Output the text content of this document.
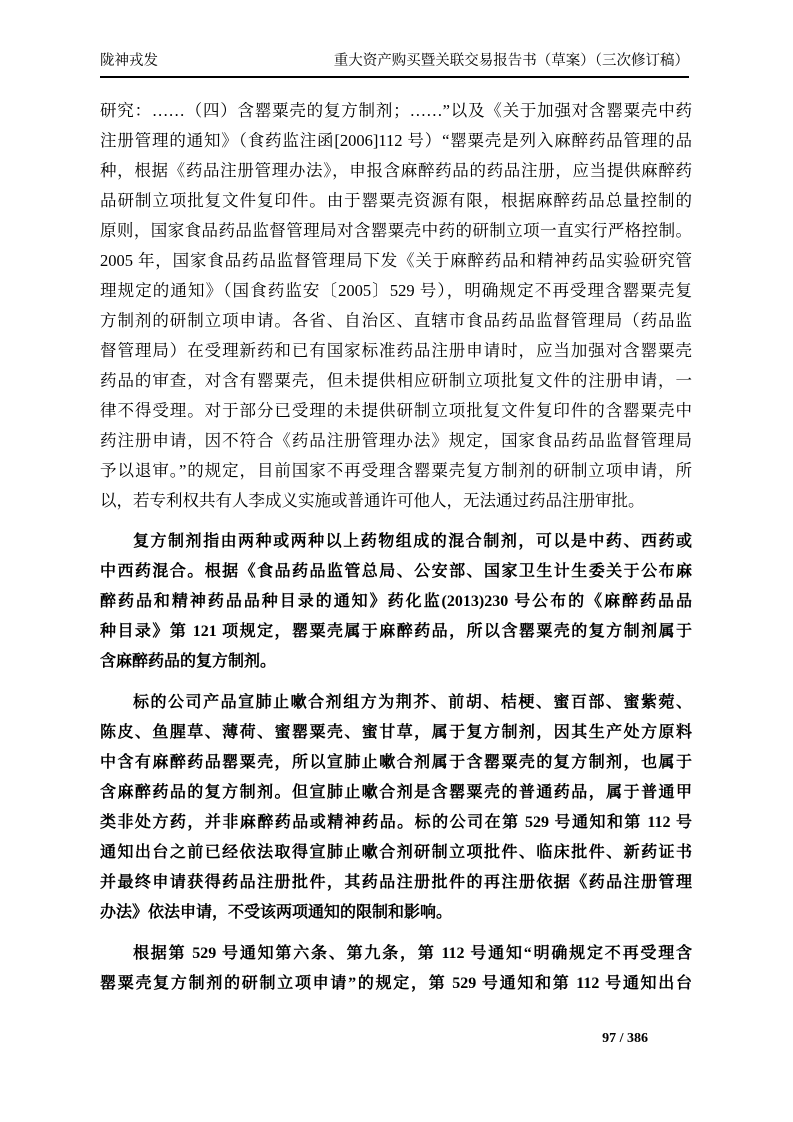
陇神戎发	重大资产购买暨关联交易报告书（草案）（三次修订稿）
研究：……（四）含罂粟壳的复方制剂；……”以及《关于加强对含罂粟壳中药
注册管理的通知》（食药监注函[2006]112 号）“罂粟壳是列入麻醉药品管理的品
种，根据《药品注册管理办法》，申报含麻醉药品的药品注册，应当提供麻醉药
品研制立项批复文件复印件。由于罂粟壳资源有限，根据麻醉药品总量控制的
原则，国家食品药品监督管理局对含罂粟壳中药的研制立项一直实行严格控制。
2005 年，国家食品药品监督管理局下发《关于麻醉药品和精神药品实验研究管
理规定的通知》（国食药监安〔2005〕529 号），明确规定不再受理含罂粟壳复
方制剂的研制立项申请。各省、自治区、直辖市食品药品监督管理局（药品监
督管理局）在受理新药和已有国家标准药品注册申请时，应当加强对含罂粟壳
药品的审查，对含有罂粟壳，但未提供相应研制立项批复文件的注册申请，一
律不得受理。对于部分已受理的未提供研制立项批复文件复印件的含罂粟壳中
药注册申请，因不符合《药品注册管理办法》规定，国家食品药品监督管理局
予以退审。”的规定，目前国家不再受理含罂粟壳复方制剂的研制立项申请，所
以，若专利权共有人李成义实施或普通许可他人，无法通过药品注册审批。
复方制剂指由两种或两种以上药物组成的混合制剂，可以是中药、西药或
中西药混合。根据《食品药品监管总局、公安部、国家卫生计生委关于公布麻
醉药品和精神药品品种目录的通知》药化监(2013)230 号公布的《麻醉药品品
种目录》第 121 项规定，罂粟壳属于麻醉药品，所以含罂粟壳的复方制剂属于
含麻醉药品的复方制剂。
标的公司产品宣肺止嗽合剂组方为荆芥、前胡、桔梗、蜜百部、蜜紫菀、
陈皮、鱼腥草、薄荷、蜜罂粟壳、蜜甘草，属于复方制剂，因其生产处方原料
中含有麻醉药品罂粟壳，所以宣肺止嗽合剂属于含罂粟壳的复方制剂，也属于
含麻醉药品的复方制剂。但宣肺止嗽合剂是含罂粟壳的普通药品，属于普通甲
类非处方药，并非麻醉药品或精神药品。标的公司在第 529 号通知和第 112 号
通知出台之前已经依法取得宣肺止嗽合剂研制立项批件、临床批件、新药证书
并最终申请获得药品注册批件，其药品注册批件的再注册依据《药品注册管理
办法》依法申请，不受该两项通知的限制和影响。
根据第 529 号通知第六条、第九条，第 112 号通知“明确规定不再受理含
罂粟壳复方制剂的研制立项申请”的规定，第 529 号通知和第 112 号通知出台
97 / 386
